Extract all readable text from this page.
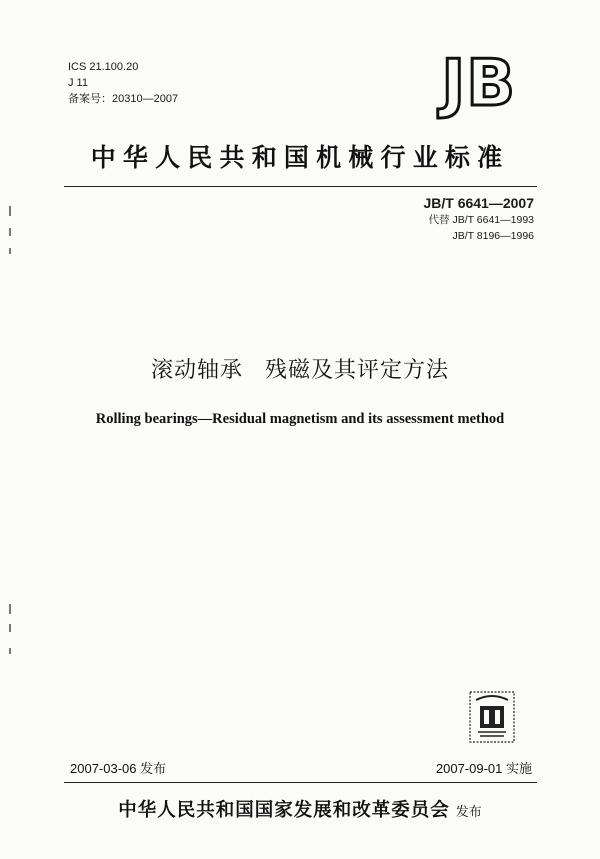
ICS 21.100.20
J 11
备案号：20310—2007	JB
中华人民共和国机械行业标准
JB/T 6641—2007
代替 JB/T 6641—1993
JB/T 8196—1996
滚动轴承 残磁及其评定方法
Rolling bearings—Residual magnetism and its assessment method
2007-03-06 发布	2007-09-01 实施
中华人民共和国国家发展和改革委员会 发布
